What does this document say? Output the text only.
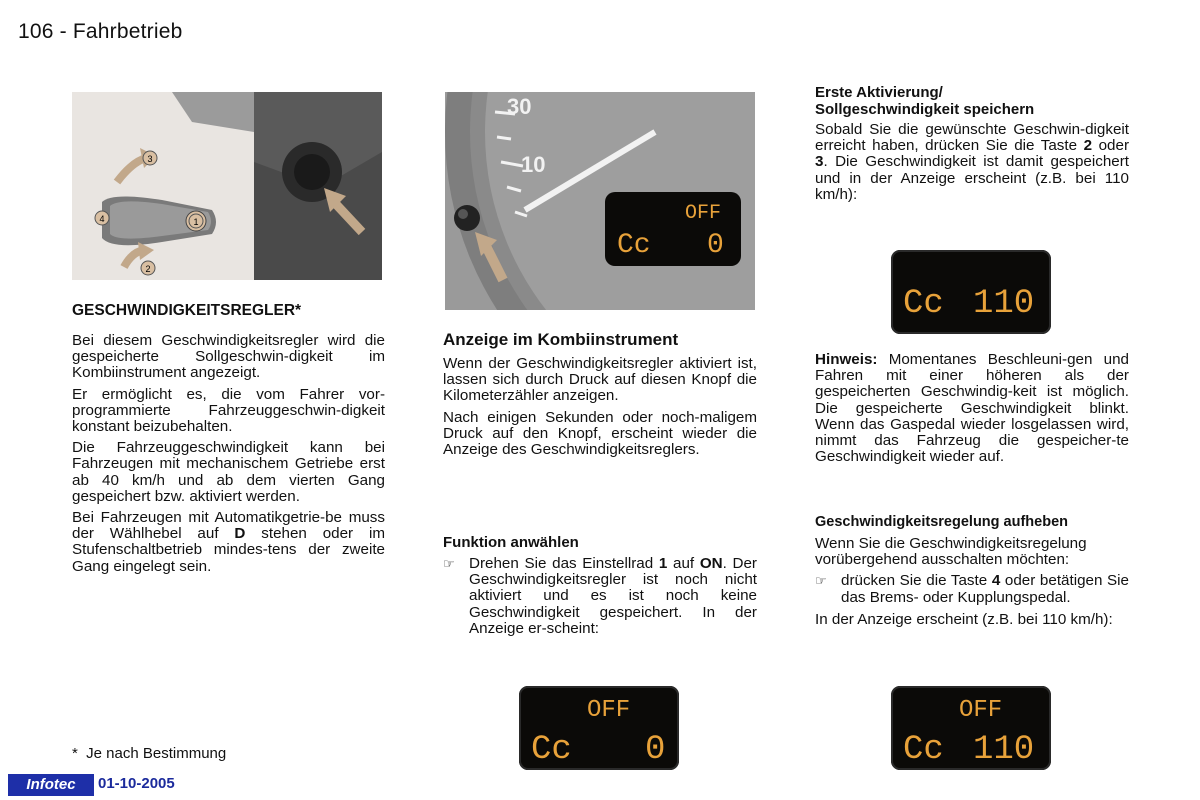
106 - Fahrbetrieb
3
2
4	1
GESCHWINDIGKEITSREGLER*

Bei diesem Geschwindigkeitsregler wird die gespeicherte Sollgeschwin-digkeit im Kombiinstrument angezeigt.

Er ermöglicht es, die vom Fahrer vor-programmierte Fahrzeuggeschwin-digkeit konstant beizubehalten.

Die Fahrzeuggeschwindigkeit kann bei Fahrzeugen mit mechanischem Getriebe erst ab 40 km/h und ab dem vierten Gang gespeichert bzw. aktiviert werden.

Bei Fahrzeugen mit Automatikgetrie-be muss der Wählhebel auf D stehen oder im Stufenschaltbetrieb mindes-tens der zweite Gang eingelegt sein.

*  Je nach Bestimmung
30
10
OFF
Cc 0
Anzeige im Kombiinstrument

Wenn der Geschwindigkeitsregler aktiviert ist, lassen sich durch Druck auf diesen Knopf die Kilometerzähler anzeigen.

Nach einigen Sekunden oder noch-maligem Druck auf den Knopf, erscheint wieder die Anzeige des Geschwindigkeitsreglers.

Funktion anwählen
☞ Drehen Sie das Einstellrad 1 auf ON. Der Geschwindigkeitsregler ist noch nicht aktiviert und es ist noch keine Geschwindigkeit gespeichert. In der Anzeige er-scheint:
OFF
Cc 0
Erste Aktivierung/
Sollgeschwindigkeit speichern

Sobald Sie die gewünschte Geschwin-digkeit erreicht haben, drücken Sie die Taste 2 oder 3. Die Geschwindigkeit ist damit gespeichert und in der Anzeige erscheint (z.B. bei 110 km/h):

Cc 110

Hinweis: Momentanes Beschleuni-gen und Fahren mit einer höheren als der gespeicherten Geschwindig-keit ist möglich. Die gespeicherte Geschwindigkeit blinkt. Wenn das Gaspedal wieder losgelassen wird, nimmt das Fahrzeug die gespeicher-te Geschwindigkeit wieder auf.

Geschwindigkeitsregelung aufheben

Wenn Sie die Geschwindigkeitsregelung vorübergehend ausschalten möchten:

☞ drücken Sie die Taste 4 oder betätigen Sie das Brems- oder Kupplungspedal.

In der Anzeige erscheint (z.B. bei 110 km/h):

OFF
Cc 110
Infotec	01-10-2005
